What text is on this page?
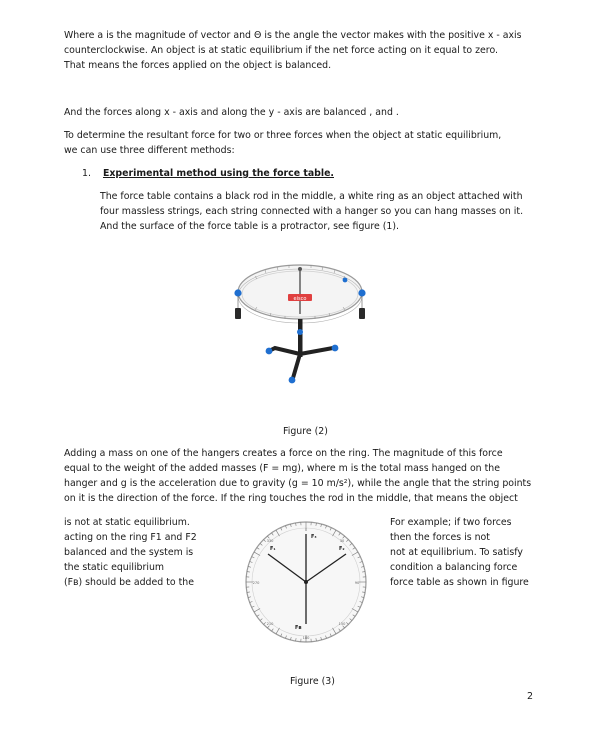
Where a is the magnitude of vector and Θ is the angle the vector makes with the positive x - axis
counterclockwise. An object is at static equilibrium if the net force acting on it equal to zero.
That means the forces applied on the object is balanced.
And the forces along x - axis and along the y - axis are balanced , and .
To determine the resultant force for two or three forces when the object at static equilibrium,
we can use three different methods:
1. Experimental method using the force table.
The force table contains a black rod in the middle, a white ring as an object attached with
four massless strings, each string connected with a hanger so you can hang masses on it.
And the surface of the force table is a protractor, see figure (1).
eisco
Figure (2)
Adding a mass on one of the hangers creates a force on the ring. The magnitude of this force
equal to the weight of the added masses (F = mg), where m is the total mass hanged on the
hanger and g is the acceleration due to gravity (g = 10 m/s²), while the angle that the string points
on it is the direction of the force. If the ring touches the rod in the middle, that means the object
is not at static equilibrium.
acting on the ring F1 and F2
balanced and the system is
the static equilibrium
(Fʙ) should be added to the
For example; if two forces
then the forces is not
not at equilibrium. To satisfy
condition a balancing force
force table as shown in figure
0
30
90
150
180
210
270
330
F₃
F₁	F₂
Fʙ
Figure (3)
2
